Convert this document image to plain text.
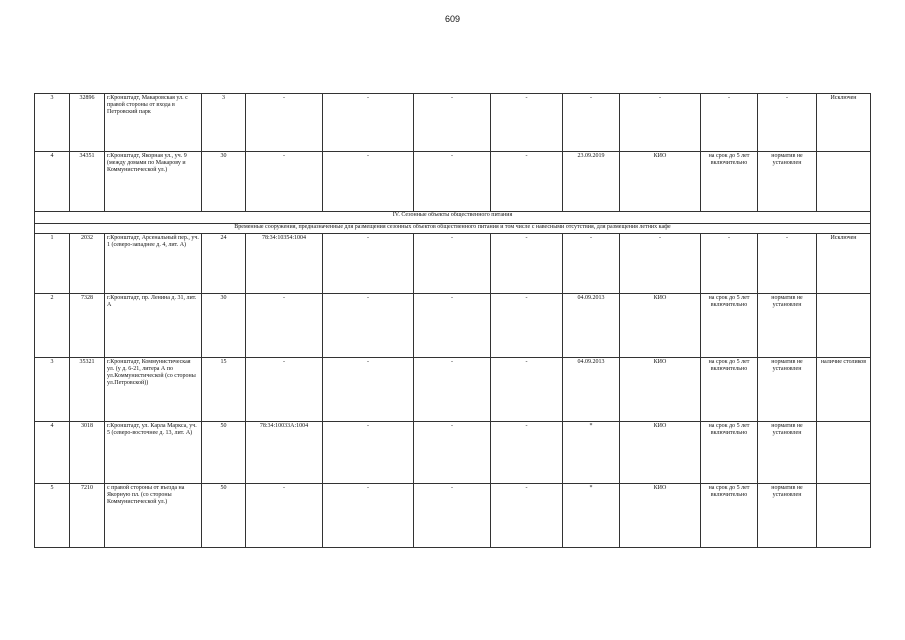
609
3	32896	г.Кронштадт, Макаровская ул. с правой стороны от входа в Петровский парк	3	-	-	-	-	-	-	-	-	Исключен
4	34351	г.Кронштадт, Якорная ул., уч. 9 (между домами по Макарову и Коммунистической ул.)	30	-	-	-	-	23.09.2019	КИО	на срок до 5 лет включительно	норматив не установлен	
IV. Сезонные объекты общественного питания												
Временные сооружения, предназначенные для размещения сезонных объектов общественного питания и том числе с навесными отсутствия, для размещения летних кафе												
1	2032	г.Кронштадт, Арсенальный пер., уч. 1 (северо-западнее д. 4, лит. А)	24	78:34:10354:1004	-	-	-	-	-	-	-	Исключен
2	7328	г.Кронштадт, пр. Ленина д. 31, лит. А	30	-	-	-	-	04.09.2013	КИО	на срок до 5 лет включительно	норматив не установлен	
3	35321	г.Кронштадт, Коммунистическая ул. (у д. 6-21, литера А по ул.Коммунистической (со стороны ул.Петровской))	15	-	-	-	-	04.09.2013	КИО	на срок до 5 лет включительно	норматив не установлен	наличие столиков
4	3018	г.Кронштадт, ул. Карла Маркса, уч. 5 (северо-восточнее д. 13, лит. А)	50	78:34:10033А:1004	-	-	-	*	КИО	на срок до 5 лет включительно	норматив не установлен	
5	7210	с правой стороны от въезда на Якорную пл. (со стороны Коммунистической ул.)	50	-	-	-	-	*	КИО	на срок до 5 лет включительно	норматив не установлен	
